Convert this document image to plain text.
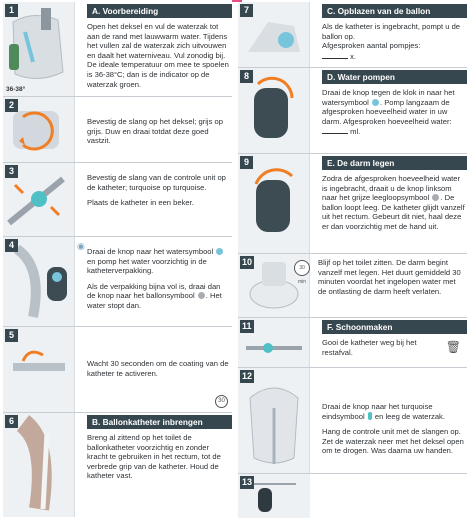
36-38°
1	A. Voorbereiding
Open het deksel en vul de waterzak tot aan de rand met lauwwarm water. Tijdens het vullen zal de waterzak zich uitvouwen en daalt het waterniveau. Vul zonodig bij. De ideale temperatuur om mee te spoelen is 36-38°C; dan is de indicator op de waterzak groen.
2
Bevestig de slang op het deksel; grijs op grijs. Duw en draai totdat deze goed vastzit.
3
Bevestig de slang van de controle unit op de katheter; turquoise op turquoise.
Plaats de katheter in een beker.
◉
4
Draai de knop naar het watersymbool  en pomp het water voorzichtig in de katheterverpakking.
Als de verpakking bijna vol is, draai dan de knop naar het ballonsymbool . Het water stopt dan.
5
Wacht 30 seconden om de coating van de katheter te activeren.
30
6	B. Ballonkatheter inbrengen
Breng al zittend op het toilet de ballonkatheter voorzichtig en zonder kracht te gebruiken in het rectum, tot de verbrede grip van de katheter. Houd de katheter vast.
7	C. Opblazen van de ballon
Als de katheter is ingebracht, pompt u de ballon op.
Afgesproken aantal pompjes:
x.
8	D. Water pompen
Draai de knop tegen de klok in naar het watersymbool . Pomp langzaam de afgesproken hoeveelheid water in uw darm. Afgesproken hoeveelheid water:
ml.
9	E. De darm legen
Zodra de afgesproken hoeveelheid water is ingebracht, draait u de knop linksom naar het grijze leegloopsymbool . De ballon loopt leeg. De katheter glijdt vanzelf uit het rectum. Gebeurt dit niet, haal deze er dan voorzichtig met de hand uit.
10	Blijf op het toilet zitten. De darm begint vanzelf met legen. Het duurt gemiddeld 30 minuten voordat het ingelopen water met de ontlasting de darm heeft verlaten.
30 min
11	F. Schoonmaken
Gooi de katheter weg bij het restafval.	🗑
12
Draai de knop naar het turquoise eindsymbool en leeg de waterzak.
Hang de controle unit met de slangen op. Zet de waterzak neer met het deksel open om te drogen. Was daarna uw handen.
13
